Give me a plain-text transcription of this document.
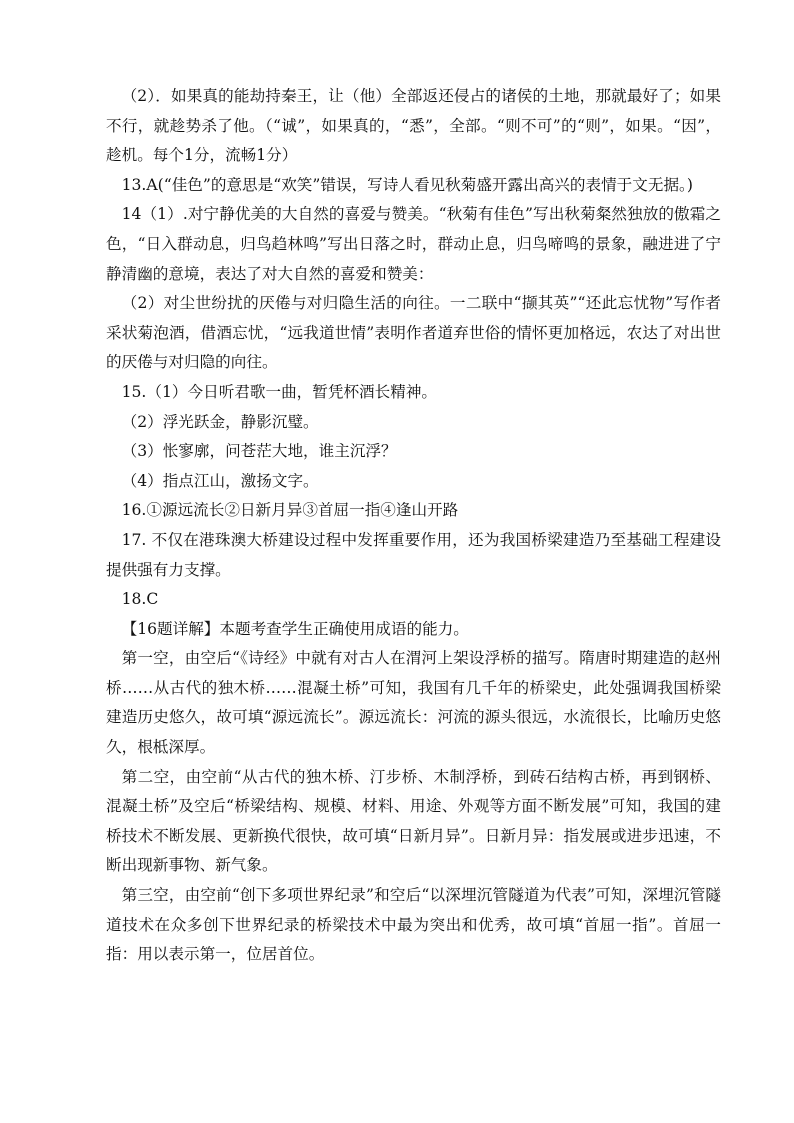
（2）．如果真的能劫持秦王，让（他）全部返还侵占的诸侯的土地，那就最好了；如果不行，就趁势杀了他。（“诚”，如果真的，“悉”，全部。“则不可”的“则”，如果。“因”，趁机。每个1分，流畅1分）

13.A(“佳色”的意思是“欢笑”错误，写诗人看见秋菊盛开露出高兴的表情于文无据。)

14（1）.对宁静优美的大自然的喜爱与赞美。“秋菊有佳色”写出秋菊粲然独放的傲霜之色，“日入群动息，归鸟趋林鸣”写出日落之时，群动止息，归鸟啼鸣的景象，融进进了宁静清幽的意境，表达了对大自然的喜爱和赞美：

（2）对尘世纷扰的厌倦与对归隐生活的向往。一二联中“撷其英”“还此忘忧物”写作者采状菊泡酒，借酒忘忧，“远我道世情”表明作者道弃世俗的情怀更加格远，农达了对出世的厌倦与对归隐的向往。

15.（1）今日听君歌一曲，暂凭杯酒长精神。

（2）浮光跃金，静影沉璧。

（3）怅寥廓，问苍茫大地，谁主沉浮？

（4）指点江山，激扬文字。

16.①源远流长②日新月异③首屈一指④逢山开路

17. 不仅在港珠澳大桥建设过程中发挥重要作用，还为我国桥梁建造乃至基础工程建设提供强有力支撑。

18.C

【16题详解】本题考查学生正确使用成语的能力。

第一空，由空后“《诗经》中就有对古人在渭河上架设浮桥的描写。隋唐时期建造的赵州桥……从古代的独木桥……混凝土桥”可知，我国有几千年的桥梁史，此处强调我国桥梁建造历史悠久，故可填“源远流长”。源远流长：河流的源头很远，水流很长，比喻历史悠久，根柢深厚。

第二空，由空前“从古代的独木桥、汀步桥、木制浮桥，到砖石结构古桥，再到钢桥、混凝土桥”及空后“桥梁结构、规模、材料、用途、外观等方面不断发展”可知，我国的建桥技术不断发展、更新换代很快，故可填“日新月异”。日新月异：指发展或进步迅速，不断出现新事物、新气象。

第三空，由空前“创下多项世界纪录”和空后“以深埋沉管隧道为代表”可知，深埋沉管隧道技术在众多创下世界纪录的桥梁技术中最为突出和优秀，故可填“首屈一指”。首屈一指：用以表示第一，位居首位。
